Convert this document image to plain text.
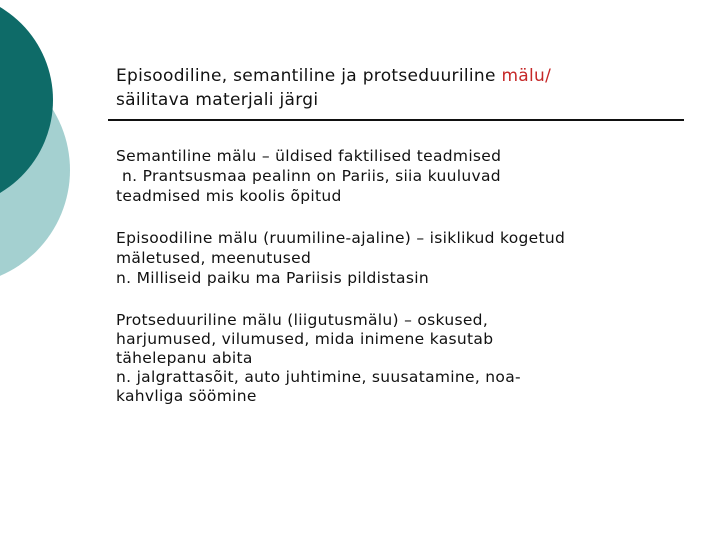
Episoodiline, semantiline ja protseduuriline mälu/
säilitava materjali järgi

Semantiline mälu – üldised faktilised teadmised

n. Prantsusmaa pealinn on Pariis, siia kuuluvad

teadmised mis koolis õpitud

Episoodiline mälu (ruumiline-ajaline) – isiklikud kogetud

mäletused, meenutused

n. Milliseid paiku ma Pariisis pildistasin

Protseduuriline mälu (liigutusmälu) – oskused,

harjumused, vilumused, mida inimene kasutab

tähelepanu abita

n. jalgrattasõit, auto juhtimine, suusatamine, noa-

kahvliga söömine
